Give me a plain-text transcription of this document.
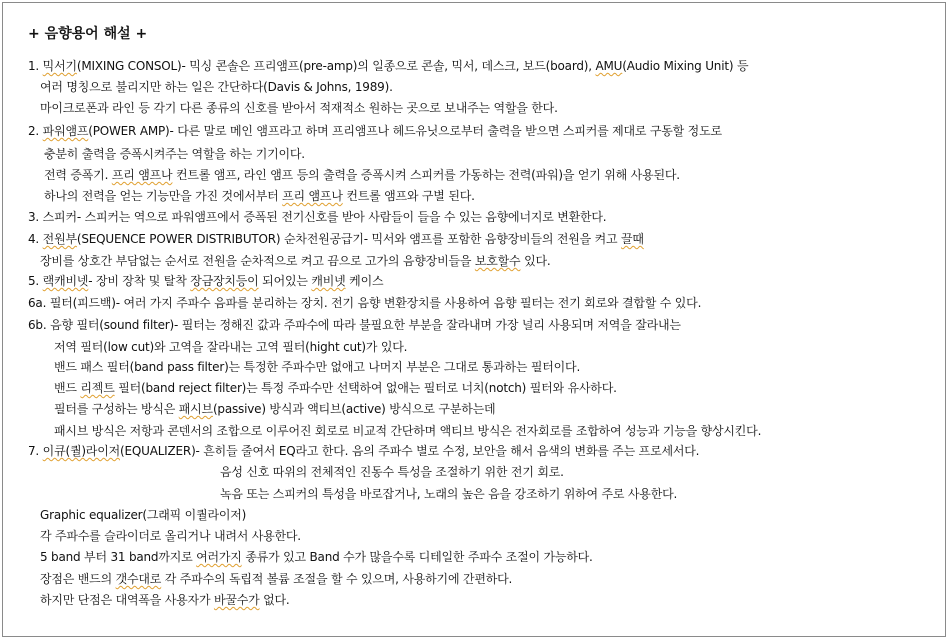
+ 음향용어 해설 +
1. 믹서기(MIXING CONSOL)- 믹싱 콘솔은 프리앰프(pre-amp)의 일종으로 콘솔, 믹서, 데스크, 보드(board), AMU(Audio Mixing Unit) 등
여러 명칭으로 불리지만 하는 일은 간단하다(Davis & Johns, 1989).
마이크로폰과 라인 등 각기 다른 종류의 신호를 받아서 적재적소 원하는 곳으로 보내주는 역할을 한다.
2. 파워앰프(POWER AMP)- 다른 말로 메인 앰프라고 하며 프리앰프나 헤드유닛으로부터 출력을 받으면 스피커를 제대로 구동할 정도로
충분히 출력을 증폭시켜주는 역할을 하는 기기이다.
전력 증폭기. 프리 앰프나 컨트롤 앰프, 라인 앰프 등의 출력을 증폭시켜 스피커를 가동하는 전력(파워)을 얻기 위해 사용된다.
하나의 전력을 얻는 기능만을 가진 것에서부터 프리 앰프나 컨트롤 앰프와 구별 된다.
3. 스피커- 스피커는 역으로 파워앰프에서 증폭된 전기신호를 받아 사람들이 들을 수 있는 음향에너지로 변환한다.
4. 전원부(SEQUENCE POWER DISTRIBUTOR) 순차전원공급기- 믹서와 앰프를 포함한 음향장비들의 전원을 켜고 끌때
장비를 상호간 부담없는 순서로 전원을 순차적으로 켜고 끔으로 고가의 음향장비들을 보호할수 있다.
5. 랙캐비넷- 장비 장착 및 탈착 장금장치등이 되어있는 캐비넷 케이스
6a. 필터(피드백)- 여러 가지 주파수 음파를 분리하는 장치. 전기 음향 변환장치를 사용하여 음향 필터는 전기 회로와 결합할 수 있다.
6b. 음향 필터(sound filter)- 필터는 정해진 값과 주파수에 따라 불필요한 부분을 잘라내며 가장 널리 사용되며 저역을 잘라내는
저역 필터(low cut)와 고역을 잘라내는 고역 필터(hight cut)가 있다.
밴드 패스 필터(band pass filter)는 특정한 주파수만 없애고 나머지 부분은 그대로 통과하는 필터이다.
밴드 리젝트 필터(band reject filter)는 특정 주파수만 선택하여 없애는 필터로 너치(notch) 필터와 유사하다.
필터를 구성하는 방식은 패시브(passive) 방식과 액티브(active) 방식으로 구분하는데
패시브 방식은 저항과 콘덴서의 조합으로 이루어진 회로로 비교적 간단하며 액티브 방식은 전자회로를 조합하여 성능과 기능을 향상시킨다.
7. 이큐(퀄)라이저(EQUALIZER)- 흔히들 줄여서 EQ라고 한다. 음의 주파수 별로 수정, 보안을 해서 음색의 변화를 주는 프로세서다.
음성 신호 따위의 전체적인 진동수 특성을 조절하기 위한 전기 회로.
녹음 또는 스피커의 특성을 바로잡거나, 노래의 높은 음을 강조하기 위하여 주로 사용한다.
Graphic equalizer(그래픽 이퀄라이저)
각 주파수를 슬라이더로 올리거나 내려서 사용한다.
5 band 부터 31 band까지로 여러가지 종류가 있고 Band 수가 많을수록 디테일한 주파수 조절이 가능하다.
장점은 밴드의 갯수대로 각 주파수의 독립적 볼륨 조절을 할 수 있으며, 사용하기에 간편하다.
하지만 단점은 대역폭을 사용자가 바꿀수가 없다.
